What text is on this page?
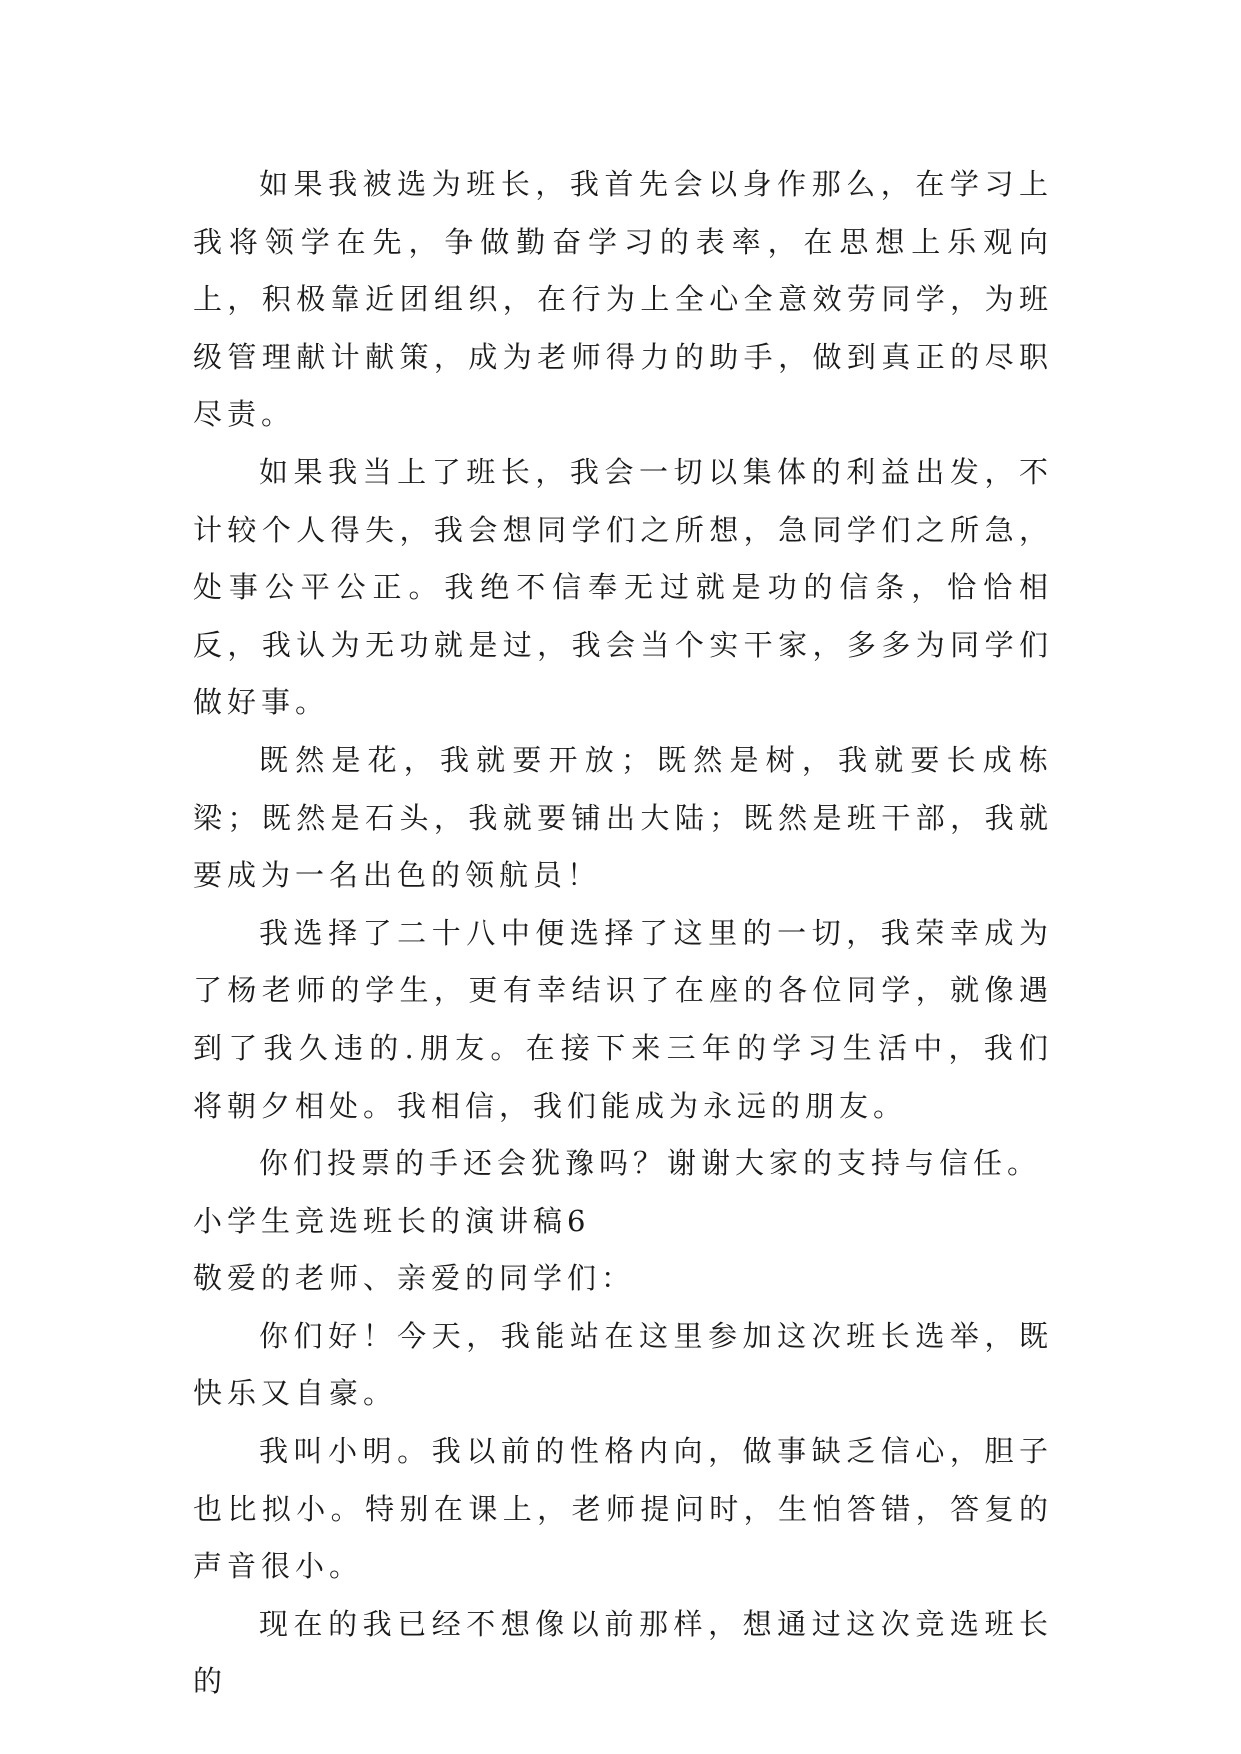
如果我被选为班长，我首先会以身作那么，在学习上我将领学在先，争做勤奋学习的表率，在思想上乐观向上，积极靠近团组织，在行为上全心全意效劳同学，为班级管理献计献策，成为老师得力的助手，做到真正的尽职尽责。

如果我当上了班长，我会一切以集体的利益出发，不计较个人得失，我会想同学们之所想，急同学们之所急，处事公平公正。我绝不信奉无过就是功的信条，恰恰相反，我认为无功就是过，我会当个实干家，多多为同学们做好事。

既然是花，我就要开放；既然是树，我就要长成栋梁；既然是石头，我就要铺出大陆；既然是班干部，我就要成为一名出色的领航员！

我选择了二十八中便选择了这里的一切，我荣幸成为了杨老师的学生，更有幸结识了在座的各位同学，就像遇到了我久违的.朋友。在接下来三年的学习生活中，我们将朝夕相处。我相信，我们能成为永远的朋友。

你们投票的手还会犹豫吗？谢谢大家的支持与信任。

小学生竞选班长的演讲稿6

敬爱的老师、亲爱的同学们：

你们好！今天，我能站在这里参加这次班长选举，既快乐又自豪。

我叫小明。我以前的性格内向，做事缺乏信心，胆子也比拟小。特别在课上，老师提问时，生怕答错，答复的声音很小。

现在的我已经不想像以前那样，想通过这次竞选班长的
